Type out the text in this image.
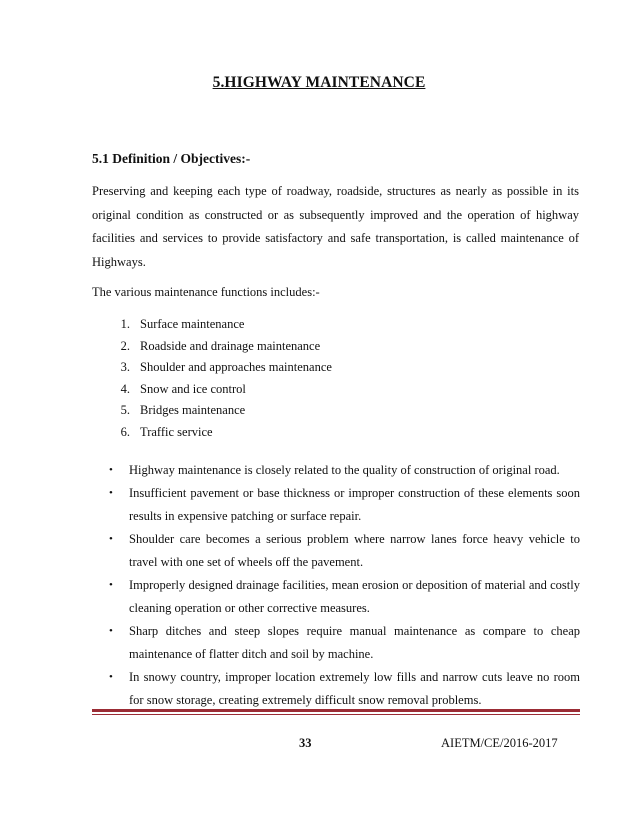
5.HIGHWAY MAINTENANCE
5.1 Definition / Objectives:-

Preserving and keeping each type of roadway, roadside, structures as nearly as possible in its original condition as constructed or as subsequently improved and the operation of highway facilities and services to provide satisfactory and safe transportation, is called maintenance of Highways.

The various maintenance functions includes:-
1. Surface maintenance
2. Roadside and drainage maintenance
3. Shoulder and approaches maintenance
4. Snow and ice control
5. Bridges maintenance
6. Traffic service
• Highway maintenance is closely related to the quality of construction of original road.
• Insufficient pavement or base thickness or improper construction of these elements soon results in expensive patching or surface repair.
• Shoulder care becomes a serious problem where narrow lanes force heavy vehicle to travel with one set of wheels off the pavement.
• Improperly designed drainage facilities, mean erosion or deposition of material and costly cleaning operation or other corrective measures.
• Sharp ditches and steep slopes require manual maintenance as compare to cheap maintenance of flatter ditch and soil by machine.
• In snowy country, improper location extremely low fills and narrow cuts leave no room for snow storage, creating extremely difficult snow removal problems.
33	AIETM/CE/2016-2017
